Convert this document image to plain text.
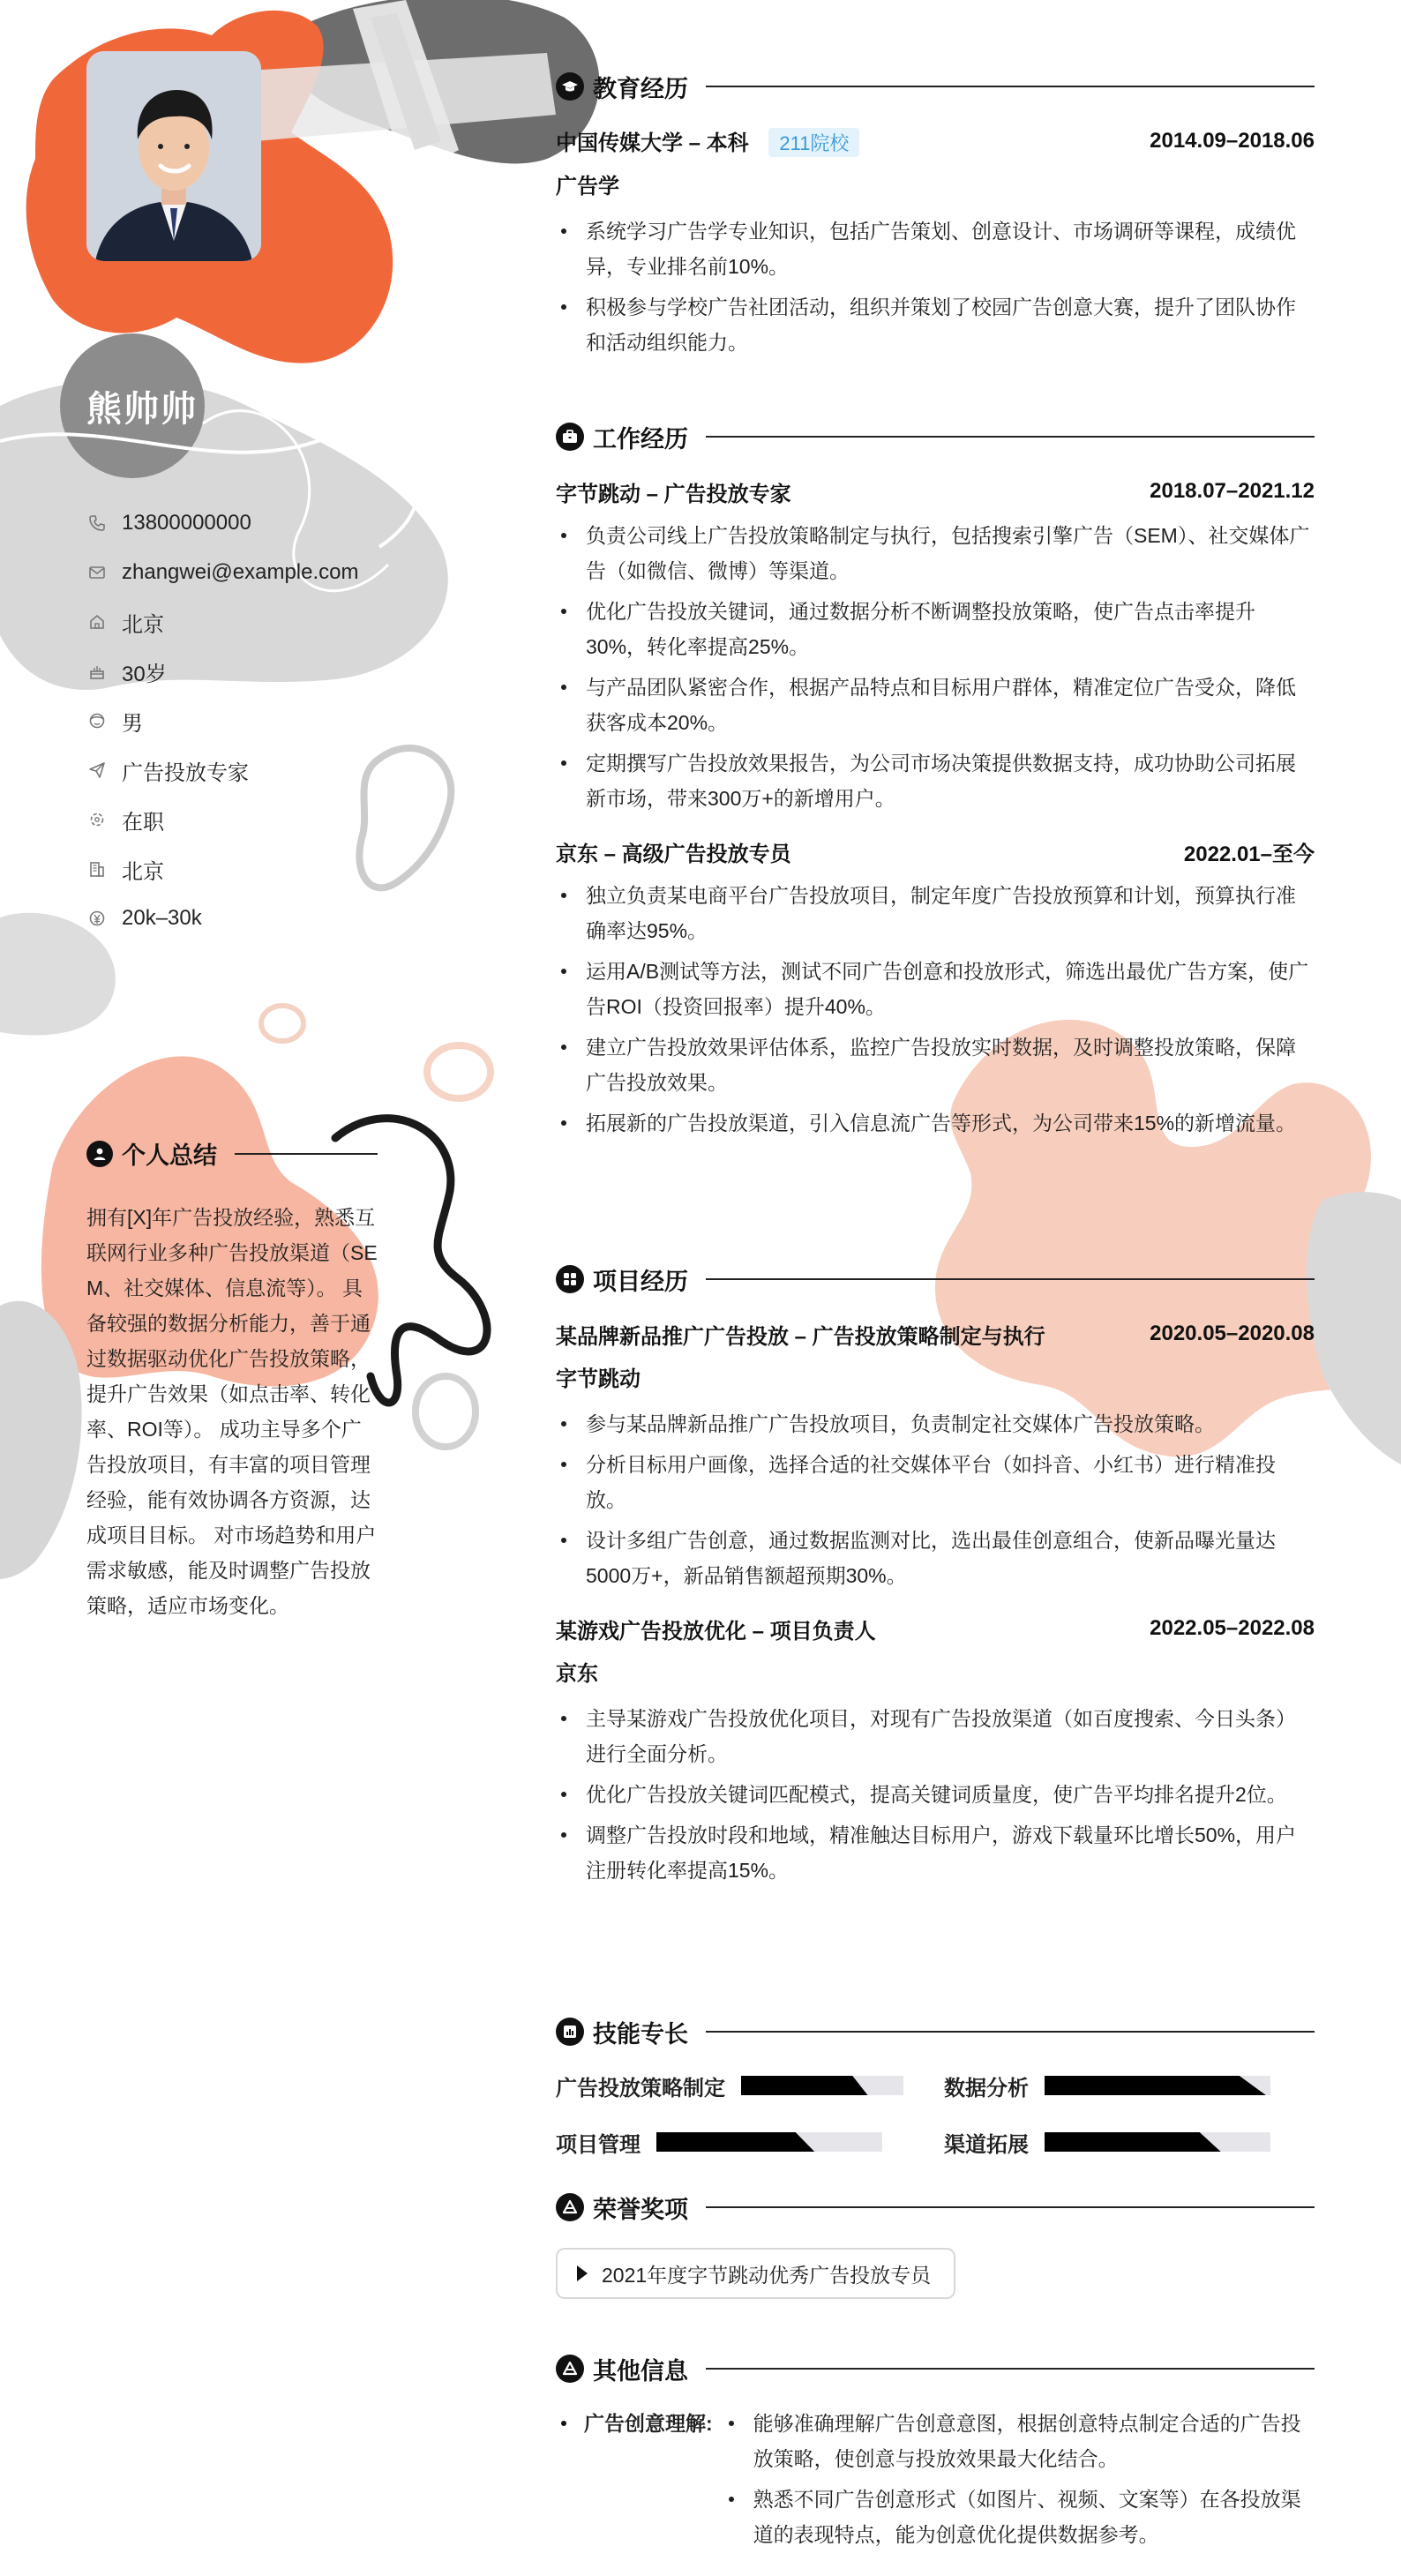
熊帅帅
13800000000
zhangwei@example.com
北京
30岁
男
广告投放专家
在职
北京
20k–30k
个人总结

拥有[X]年广告投放经验，熟悉互联网行业多种广告投放渠道（SEM、社交媒体、信息流等）。 具备较强的数据分析能力，善于通过数据驱动优化广告投放策略，提升广告效果（如点击率、转化率、ROI等）。 成功主导多个广告投放项目，有丰富的项目管理经验，能有效协调各方资源，达成项目目标。 对市场趋势和用户需求敏感，能及时调整广告投放策略，适应市场变化。

教育经历
中国传媒大学 – 本科 211院校	2014.09–2018.06
广告学
系统学习广告学专业知识，包括广告策划、创意设计、市场调研等课程，成绩优异，专业排名前10%。
积极参与学校广告社团活动，组织并策划了校园广告创意大赛，提升了团队协作和活动组织能力。
工作经历
字节跳动 – 广告投放专家	2018.07–2021.12
负责公司线上广告投放策略制定与执行，包括搜索引擎广告（SEM）、社交媒体广告（如微信、微博）等渠道。
优化广告投放关键词，通过数据分析不断调整投放策略，使广告点击率提升30%，转化率提高25%。
与产品团队紧密合作，根据产品特点和目标用户群体，精准定位广告受众，降低获客成本20%。
定期撰写广告投放效果报告，为公司市场决策提供数据支持，成功协助公司拓展新市场，带来300万+的新增用户。
京东 – 高级广告投放专员	2022.01–至今
独立负责某电商平台广告投放项目，制定年度广告投放预算和计划，预算执行准确率达95%。
运用A/B测试等方法，测试不同广告创意和投放形式，筛选出最优广告方案，使广告ROI（投资回报率）提升40%。
建立广告投放效果评估体系，监控广告投放实时数据，及时调整投放策略，保障广告投放效果。
拓展新的广告投放渠道，引入信息流广告等形式，为公司带来15%的新增流量。
项目经历
某品牌新品推广广告投放 – 广告投放策略制定与执行	2020.05–2020.08
字节跳动
参与某品牌新品推广广告投放项目，负责制定社交媒体广告投放策略。
分析目标用户画像，选择合适的社交媒体平台（如抖音、小红书）进行精准投放。
设计多组广告创意，通过数据监测对比，选出最佳创意组合，使新品曝光量达5000万+，新品销售额超预期30%。
某游戏广告投放优化 – 项目负责人	2022.05–2022.08
京东
主导某游戏广告投放优化项目，对现有广告投放渠道（如百度搜索、今日头条）进行全面分析。
优化广告投放关键词匹配模式，提高关键词质量度，使广告平均排名提升2位。
调整广告投放时段和地域，精准触达目标用户，游戏下载量环比增长50%，用户注册转化率提高15%。
技能专长
广告投放策略制定	数据分析
项目管理	渠道拓展
荣誉奖项
2021年度字节跳动优秀广告投放专员
其他信息
广告创意理解:	能够准确理解广告创意意图，根据创意特点制定合适的广告投放策略，使创意与投放效果最大化结合。
熟悉不同广告创意形式（如图片、视频、文案等）在各投放渠道的表现特点，能为创意优化提供数据参考。
